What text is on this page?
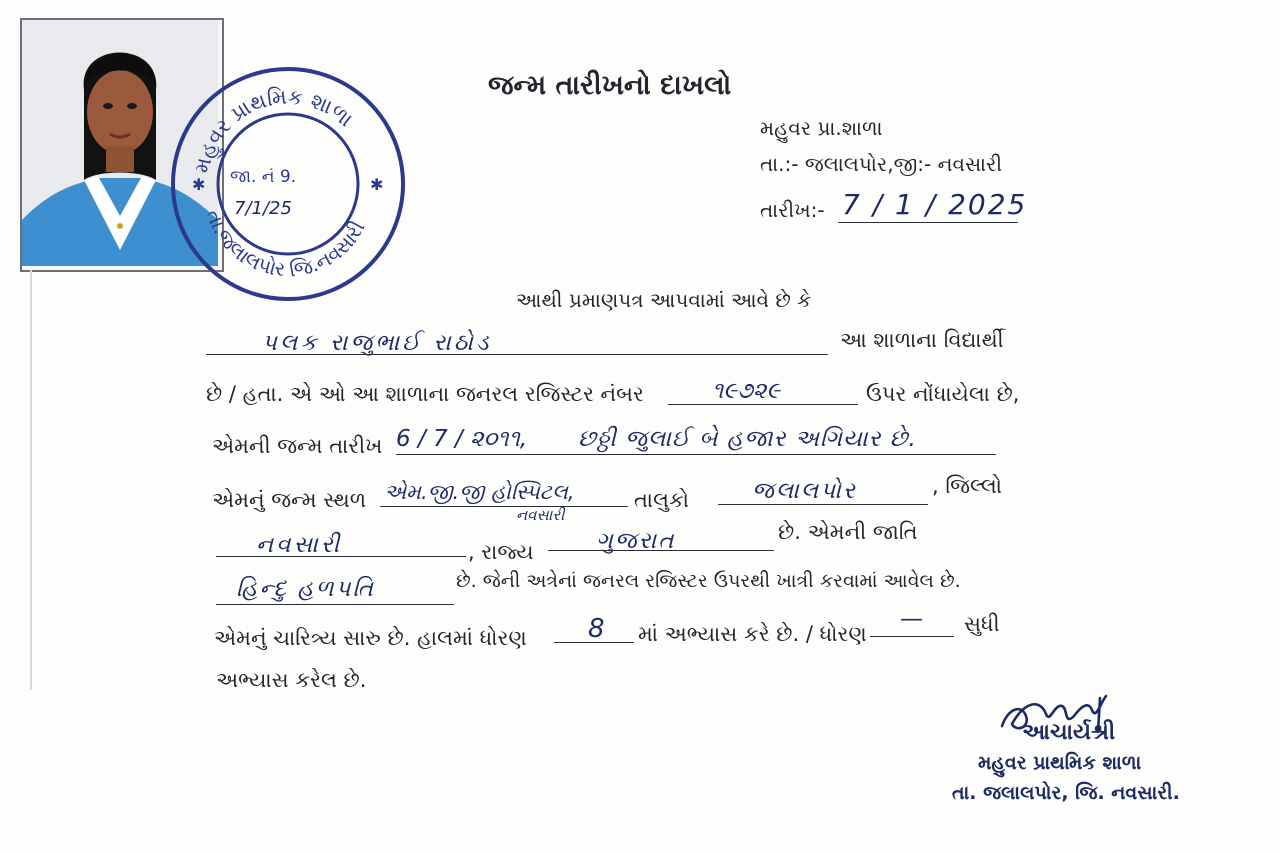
મહુવર પ્રાથમિક શાળા
તા.જલાલપોર જિ.નવસારી
જા. નં 9.
7/1/25
✱	✱
જન્મ તારીખનો દાખલો
મહુવર પ્રા.શાળા
તા.:- જલાલપોર,જી:- નવસારી
તારીખ:- 7 / 1 / 2025
આથી પ્રમાણપત્ર આપવામાં આવે છે કે
પલક રાજુભાઈ રાઠોડ	આ શાળાના વિદ્યાર્થી
છે / હતા. એ ઓ આ શાળાના જનરલ રજિસ્ટર નંબર	૧૯૭૨૯	ઉપર નોંધાયેલા છે,
એમની જન્મ તારીખ 6 / 7 / ૨૦૧૧, છઠ્ઠી જુલાઈ બે હજાર અગિયાર છે.
એમનું જન્મ સ્થળ એમ.જી.જી હોસ્પિટલ,	તાલુકો	જલાલપોર	, જિલ્લો
નવસારી
નવસારી	, રાજ્ય	ગુજરાત	છે. એમની જાતિ
હિન્દુ હળપતિ	છે. જેની અત્રેનાં જનરલ રજિસ્ટર ઉપરથી ખાત્રી કરવામાં આવેલ છે.
એમનું ચારિત્ર્ય સારુ છે. હાલમાં ધોરણ 8 માં અભ્યાસ કરે છે. / ધોરણ
— સુધી
અભ્યાસ કરેલ છે.
આચાર્યશ્રી
મહુવર પ્રાથમિક શાળા
તા. જલાલપોર, જિ. નવસારી.
